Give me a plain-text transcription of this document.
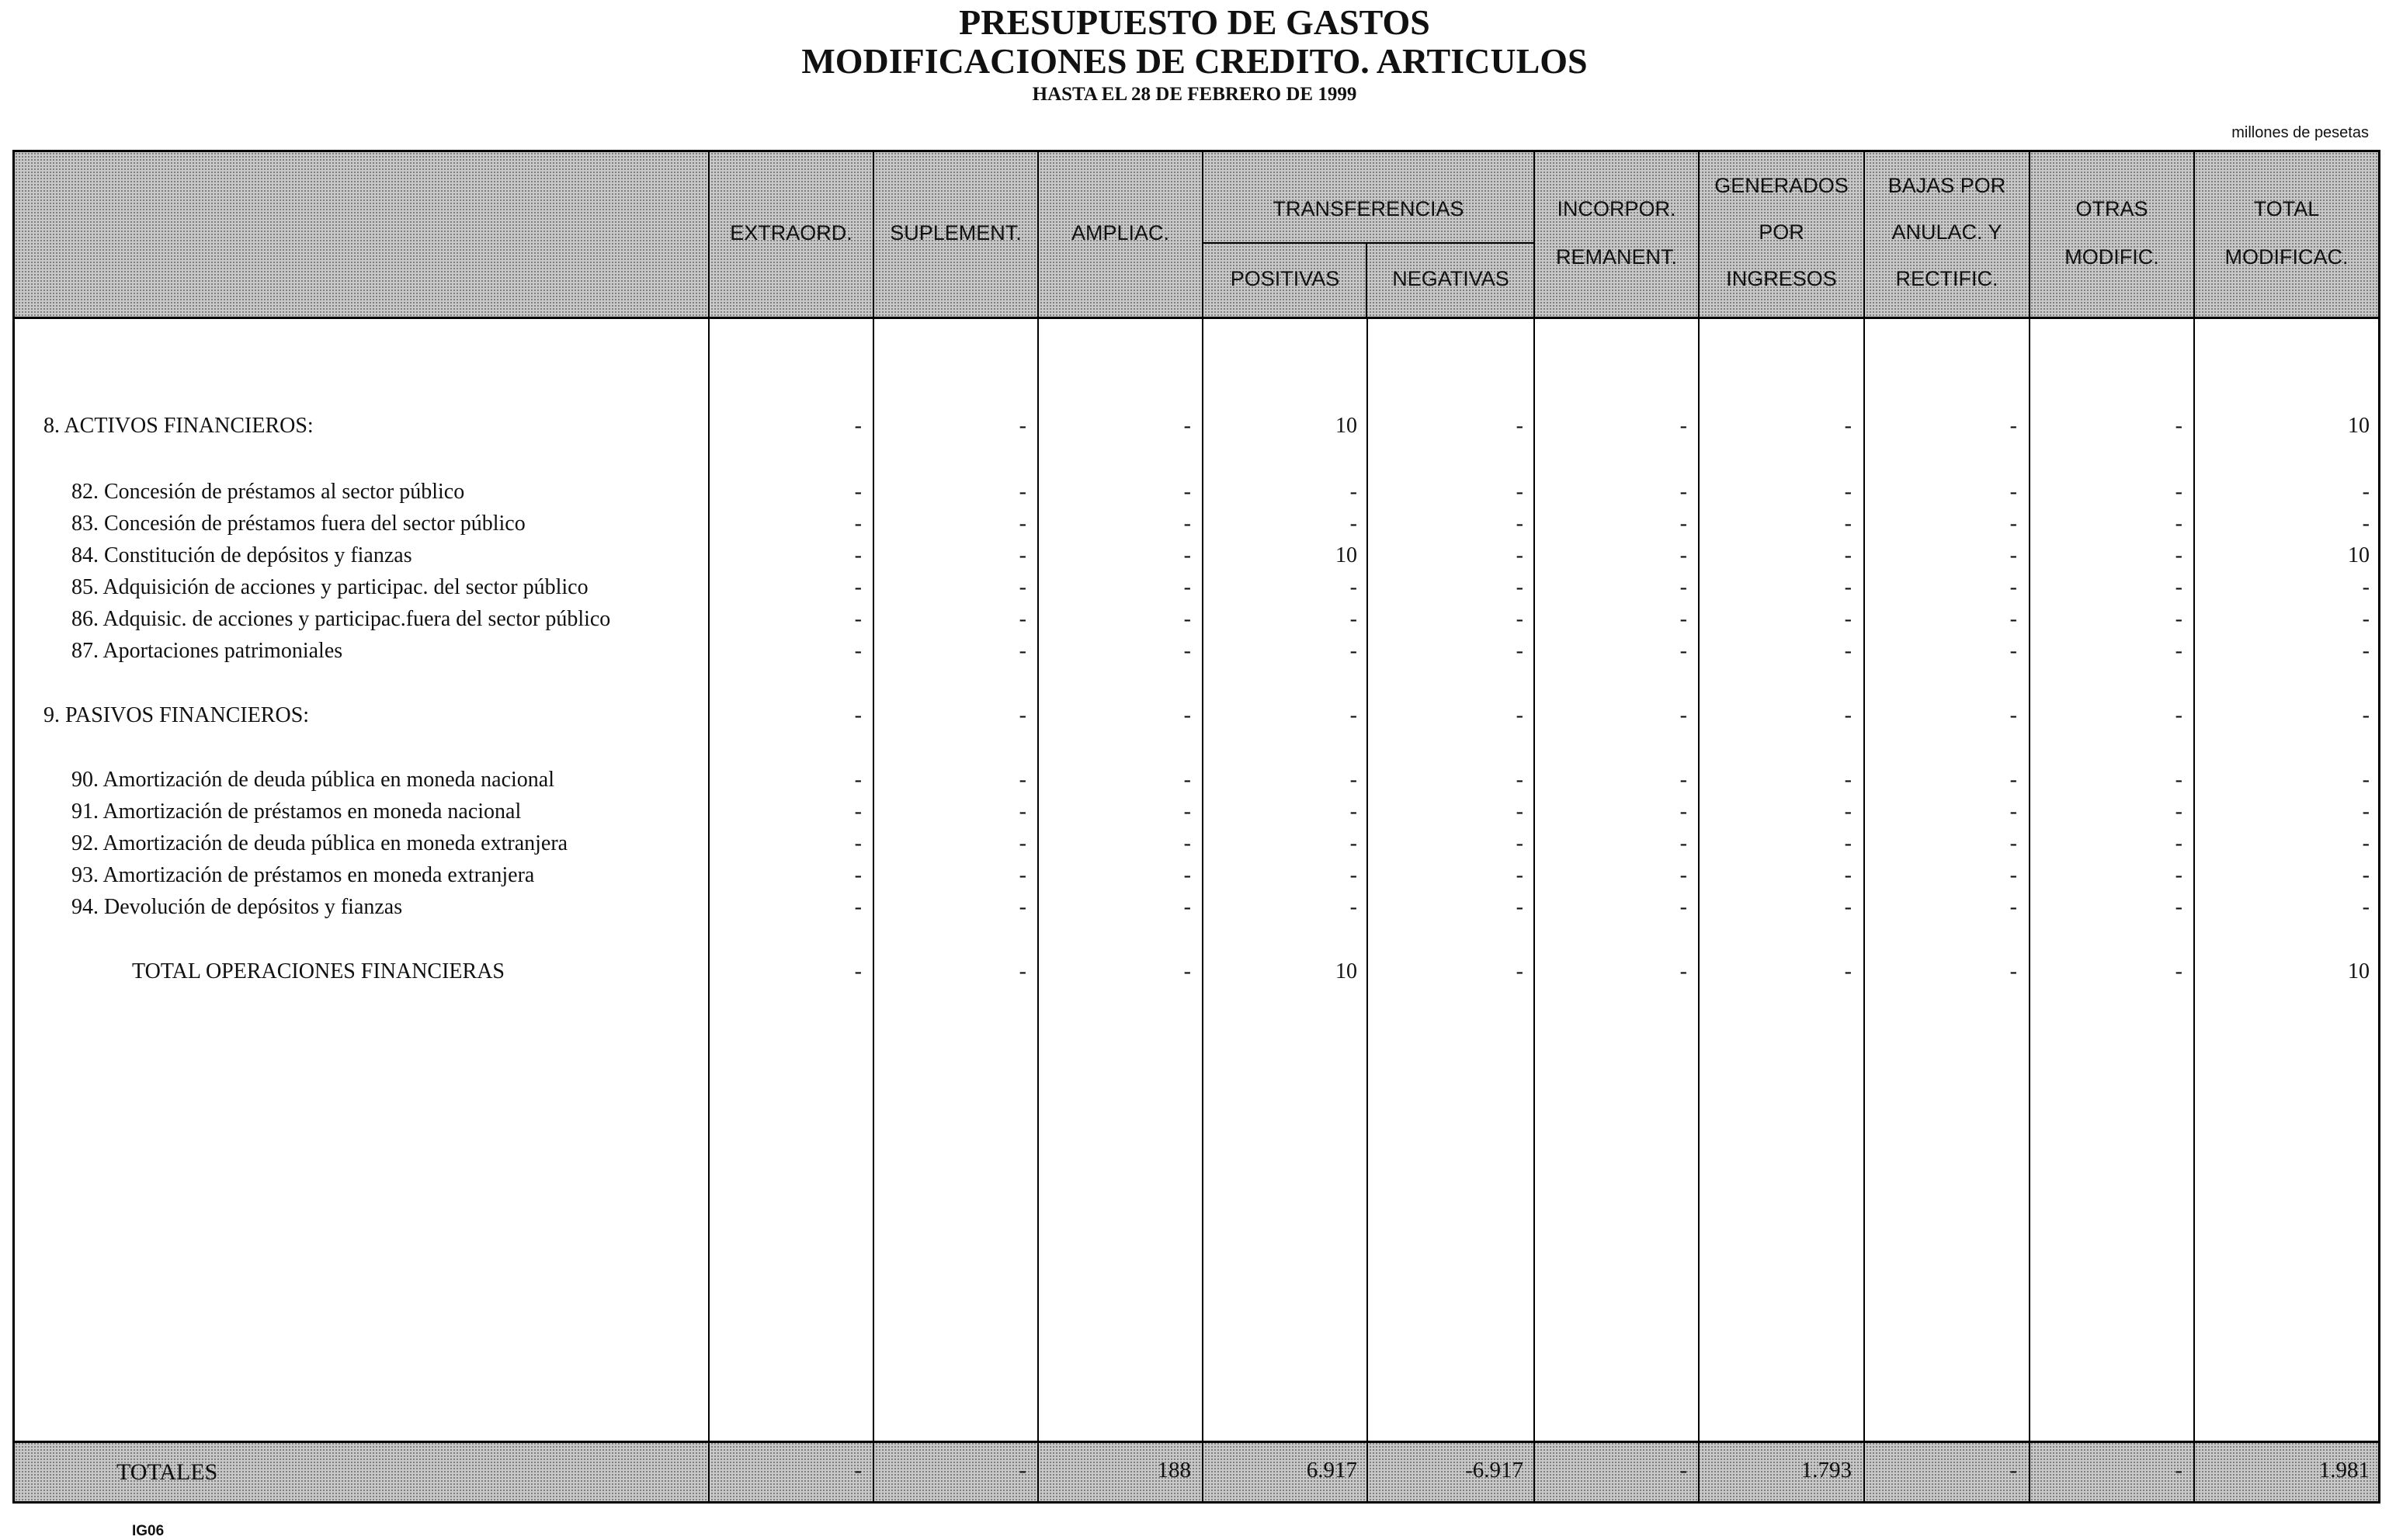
PRESUPUESTO DE GASTOS
MODIFICACIONES DE CREDITO. ARTICULOS
HASTA EL 28 DE FEBRERO DE 1999
millones de pesetas
EXTRAORD.	SUPLEMENT.	AMPLIAC.
TRANSFERENCIAS
POSITIVAS	NEGATIVAS
INCORPOR.
REMANENT.
GENERADOS
POR
INGRESOS
BAJAS POR
ANULAC. Y
RECTIFIC.
OTRAS
MODIFIC.
TOTAL
MODIFICAC.
8. ACTIVOS FINANCIEROS:	-	-	-	10	-	-	-	-	-	10
82. Concesión de préstamos al sector público	-	-	-	-	-	-	-	-	-	-
83. Concesión de préstamos fuera del sector público	-	-	-	-	-	-	-	-	-	-
84. Constitución de depósitos y fianzas	-	-	-	10	-	-	-	-	-	10
85. Adquisición de acciones y participac. del sector público	-	-	-	-	-	-	-	-	-	-
86. Adquisic. de acciones y participac.fuera del sector público	-	-	-	-	-	-	-	-	-	-
87. Aportaciones patrimoniales	-	-	-	-	-	-	-	-	-	-
9. PASIVOS FINANCIEROS:	-	-	-	-	-	-	-	-	-	-
90. Amortización de deuda pública en moneda nacional	-	-	-	-	-	-	-	-	-	-
91. Amortización de préstamos en moneda nacional	-	-	-	-	-	-	-	-	-	-
92. Amortización de deuda pública en moneda extranjera	-	-	-	-	-	-	-	-	-	-
93. Amortización de préstamos en moneda extranjera	-	-	-	-	-	-	-	-	-	-
94. Devolución de depósitos y fianzas	-	-	-	-	-	-	-	-	-	-
TOTAL OPERACIONES FINANCIERAS	-	-	-	10	-	-	-	-	-	10
TOTALES	-	-	188	6.917	-6.917	-	1.793	-	-	1.981
IG06
